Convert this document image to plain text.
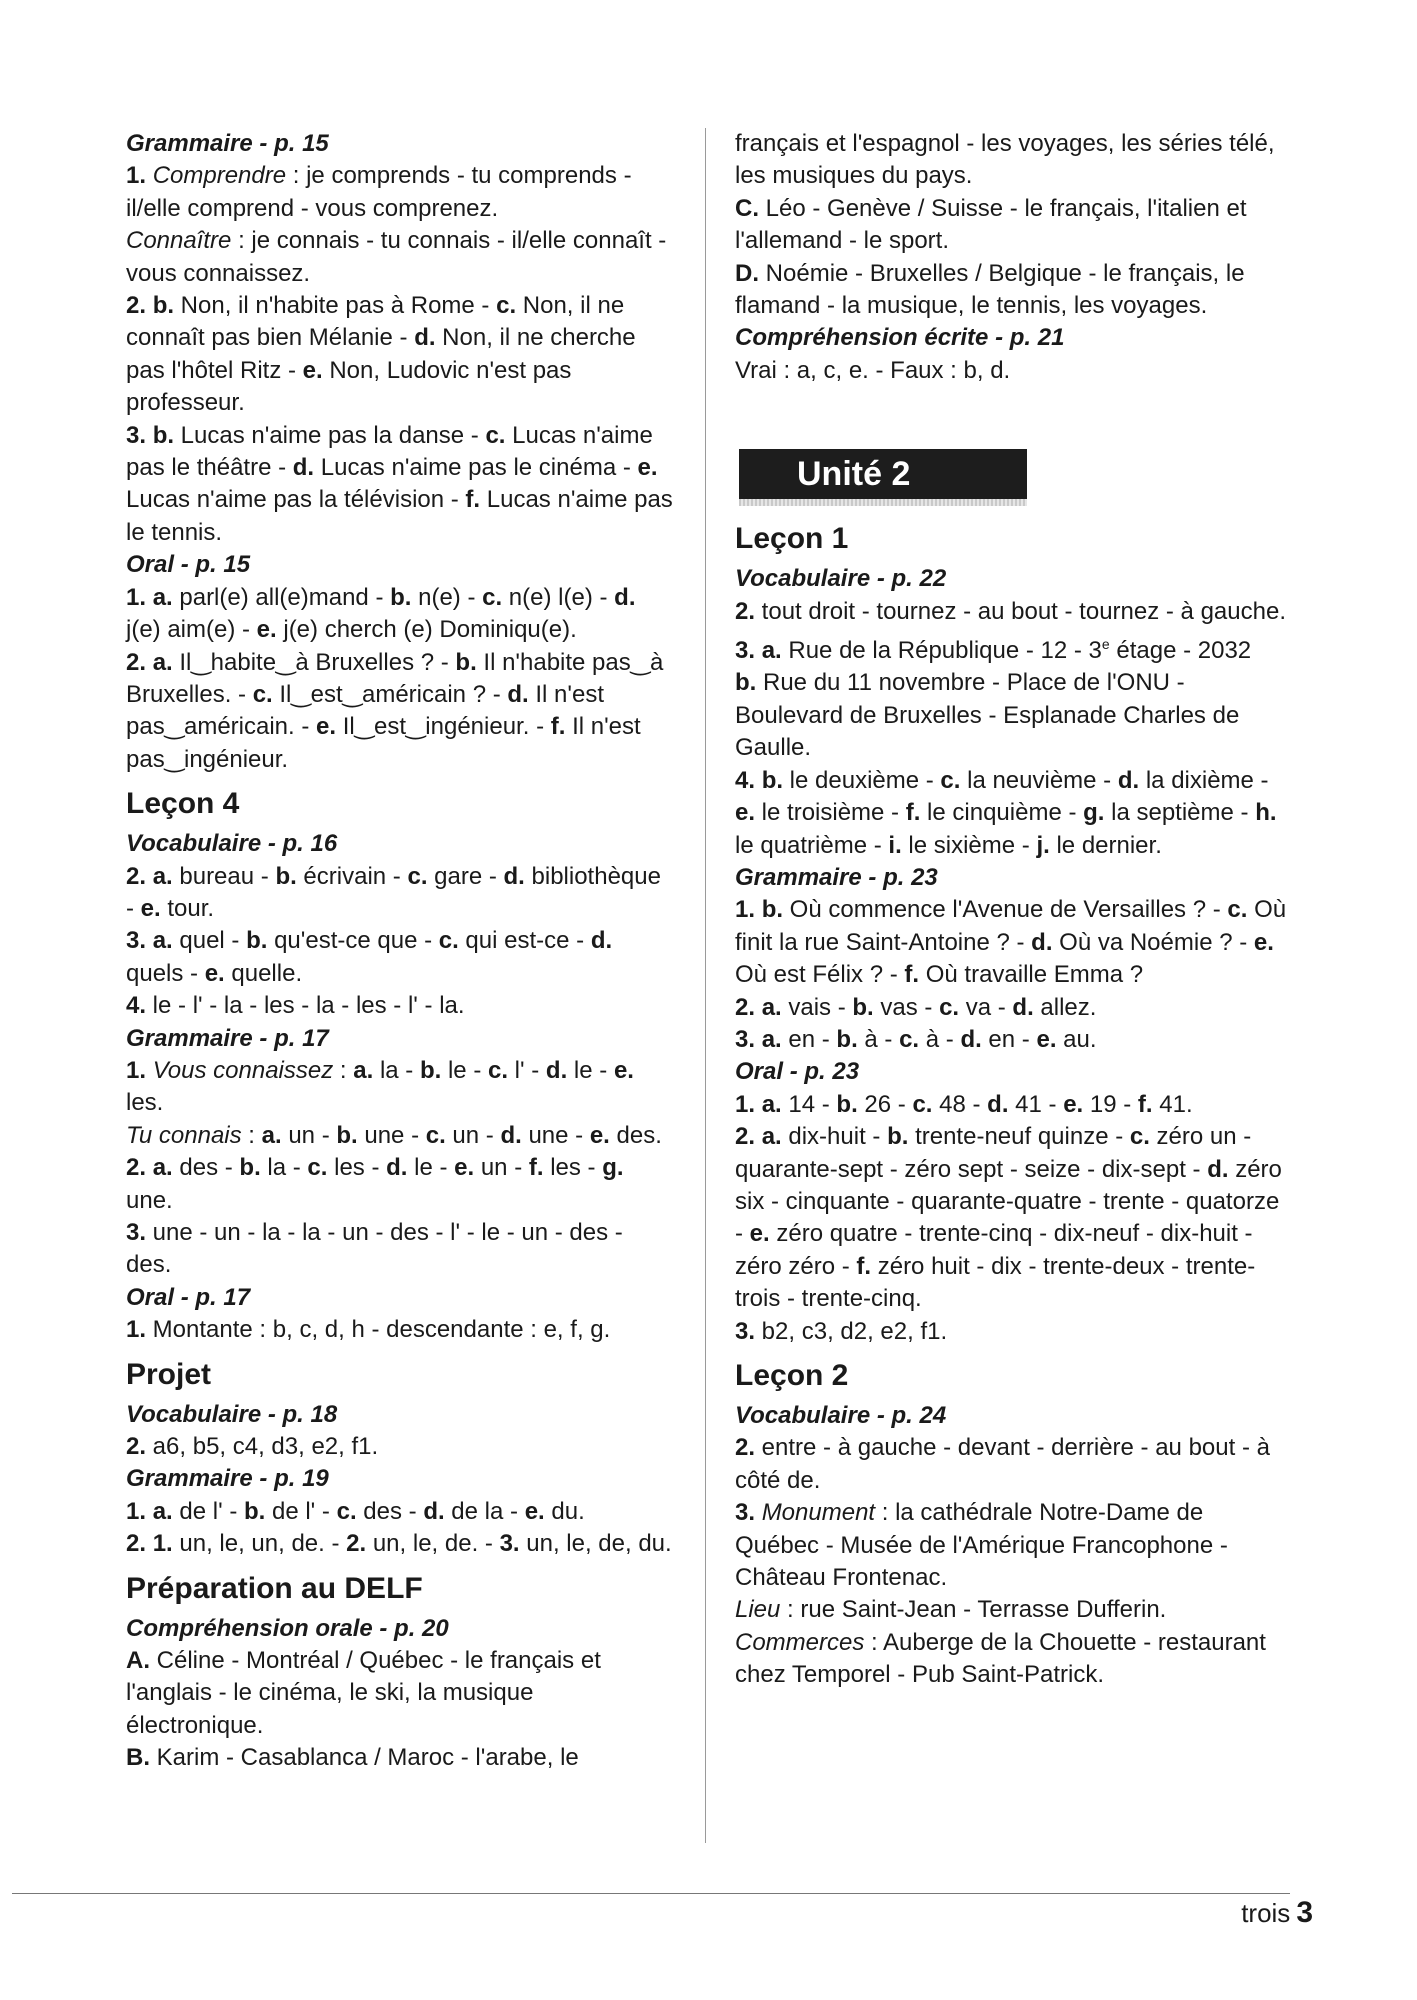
Grammaire - p. 15

1. Comprendre : je comprends - tu comprends - il/elle comprend - vous comprenez.

Connaître : je connais - tu connais - il/elle connaît - vous connaissez.

2. b. Non, il n'habite pas à Rome - c. Non, il ne connaît pas bien Mélanie - d. Non, il ne cherche pas l'hôtel Ritz - e. Non, Ludovic n'est pas professeur.

3. b. Lucas n'aime pas la danse - c. Lucas n'aime pas le théâtre - d. Lucas n'aime pas le cinéma - e. Lucas n'aime pas la télévision - f. Lucas n'aime pas le tennis.

Oral - p. 15

1. a. parl(e) all(e)mand - b. n(e) - c. n(e) l(e) - d. j(e) aim(e) - e. j(e) cherch (e) Dominiqu(e).

2. a. Il‿habite‿à Bruxelles ? - b. Il n'habite pas‿à Bruxelles. - c. Il‿est‿américain ? - d. Il n'est pas‿américain. - e. Il‿est‿ingénieur. - f. Il n'est pas‿ingénieur.

Leçon 4
Vocabulaire - p. 16

2. a. bureau - b. écrivain - c. gare - d. bibliothèque - e. tour.

3. a. quel - b. qu'est-ce que - c. qui est-ce - d. quels - e. quelle.

4. le - l' - la - les - la - les - l' - la.

Grammaire - p. 17

1. Vous connaissez : a. la - b. le - c. l' - d. le - e. les.

Tu connais : a. un - b. une - c. un - d. une - e. des.

2. a. des - b. la - c. les - d. le - e. un - f. les - g. une.

3. une - un - la - la - un - des - l' - le - un - des - des.

Oral - p. 17

1. Montante : b, c, d, h - descendante : e, f, g.

Projet
Vocabulaire - p. 18

2. a6, b5, c4, d3, e2, f1.

Grammaire - p. 19

1. a. de l' - b. de l' - c. des - d. de la - e. du.

2. 1. un, le, un, de. - 2. un, le, de. - 3. un, le, de, du.

Préparation au DELF
Compréhension orale - p. 20

A. Céline - Montréal / Québec - le français et l'anglais - le cinéma, le ski, la musique électronique.

B. Karim - Casablanca / Maroc - l'arabe, le

français et l'espagnol - les voyages, les séries télé, les musiques du pays.

C. Léo - Genève / Suisse - le français, l'italien et l'allemand - le sport.

D. Noémie - Bruxelles / Belgique - le français, le flamand - la musique, le tennis, les voyages.

Compréhension écrite - p. 21

Vrai : a, c, e. - Faux : b, d.

Unité 2
Leçon 1
Vocabulaire - p. 22

2. tout droit - tournez - au bout - tournez - à gauche.

3. a. Rue de la République - 12 - 3e étage - 2032

b. Rue du 11 novembre - Place de l'ONU - Boulevard de Bruxelles - Esplanade Charles de Gaulle.

4. b. le deuxième - c. la neuvième - d. la dixième - e. le troisième - f. le cinquième - g. la septième - h. le quatrième - i. le sixième - j. le dernier.

Grammaire - p. 23

1. b. Où commence l'Avenue de Versailles ? - c. Où finit la rue Saint-Antoine ? - d. Où va Noémie ? - e. Où est Félix ? - f. Où travaille Emma ?

2. a. vais - b. vas - c. va - d. allez.

3. a. en - b. à - c. à - d. en - e. au.

Oral - p. 23

1. a. 14 - b. 26 - c. 48 - d. 41 - e. 19 - f. 41.

2. a. dix-huit - b. trente-neuf quinze - c. zéro un - quarante-sept - zéro sept - seize - dix-sept - d. zéro six - cinquante - quarante-quatre - trente - quatorze - e. zéro quatre - trente-cinq - dix-neuf - dix-huit - zéro zéro - f. zéro huit - dix - trente-deux - trente-trois - trente-cinq.

3. b2, c3, d2, e2, f1.

Leçon 2
Vocabulaire - p. 24

2. entre - à gauche - devant - derrière - au bout - à côté de.

3. Monument : la cathédrale Notre-Dame de Québec - Musée de l'Amérique Francophone - Château Frontenac.

Lieu : rue Saint-Jean - Terrasse Dufferin.

Commerces : Auberge de la Chouette - restaurant chez Temporel - Pub Saint-Patrick.

trois 3
